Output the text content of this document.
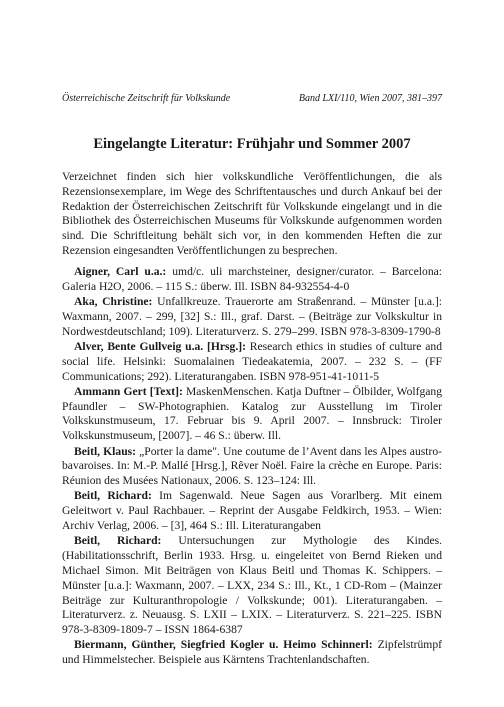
Österreichische Zeitschrift für Volkskunde	Band LXI/110, Wien 2007, 381–397
Eingelangte Literatur: Frühjahr und Sommer 2007
Verzeichnet finden sich hier volkskundliche Veröffentlichungen, die als Rezensionsexemplare, im Wege des Schriftentausches und durch Ankauf bei der Redaktion der Österreichischen Zeitschrift für Volkskunde eingelangt und in die Bibliothek des Österreichischen Museums für Volkskunde aufgenommen worden sind. Die Schriftleitung behält sich vor, in den kommenden Heften die zur Rezension eingesandten Veröffentlichungen zu besprechen.

Aigner, Carl u.a.: umd/c. uli marchsteiner, designer/curator. – Barcelona: Galeria H2O, 2006. – 115 S.: überw. Ill. ISBN 84-932554-4-0

Aka, Christine: Unfallkreuze. Trauerorte am Straßenrand. – Münster [u.a.]: Waxmann, 2007. – 299, [32] S.: Ill., graf. Darst. – (Beiträge zur Volkskultur in Nordwestdeutschland; 109). Literaturverz. S. 279–299. ISBN 978-3-8309-1790-8

Alver, Bente Gullveig u.a. [Hrsg.]: Research ethics in studies of culture and social life. Helsinki: Suomalainen Tiedeakatemia, 2007. – 232 S. – (FF Communications; 292). Literaturangaben. ISBN 978-951-41-1011-5

Ammann Gert [Text]: MaskenMenschen. Katja Duftner – Ölbilder, Wolfgang Pfaundler – SW-Photographien. Katalog zur Ausstellung im Tiroler Volkskunstmuseum, 17. Februar bis 9. April 2007. – Innsbruck: Tiroler Volkskunstmuseum, [2007]. – 46 S.: überw. Ill.

Beitl, Klaus: „Porter la dame". Une coutume de l’Avent dans les Alpes austro-bavaroises. In: M.-P. Mallé [Hrsg.], Rêver Noël. Faire la crèche en Europe. Paris: Réunion des Musées Nationaux, 2006. S. 123–124: Ill.

Beitl, Richard: Im Sagenwald. Neue Sagen aus Vorarlberg. Mit einem Geleitwort v. Paul Rachbauer. – Reprint der Ausgabe Feldkirch, 1953. – Wien: Archiv Verlag, 2006. – [3], 464 S.: Ill. Literaturangaben

Beitl, Richard: Untersuchungen zur Mythologie des Kindes. (Habilitationsschrift, Berlin 1933. Hrsg. u. eingeleitet von Bernd Rieken und Michael Simon. Mit Beiträgen von Klaus Beitl und Thomas K. Schippers. – Münster [u.a.]: Waxmann, 2007. – LXX, 234 S.: Ill., Kt., 1 CD-Rom – (Mainzer Beiträge zur Kulturanthropologie / Volkskunde; 001). Literaturangaben. – Literaturverz. z. Neuausg. S. LXII – LXIX. – Literaturverz. S. 221–225. ISBN 978-3-8309-1809-7 – ISSN 1864-6387

Biermann, Günther, Siegfried Kogler u. Heimo Schinnerl: Zipfelstrümpf und Himmelstecher. Beispiele aus Kärntens Trachtenlandschaften.
